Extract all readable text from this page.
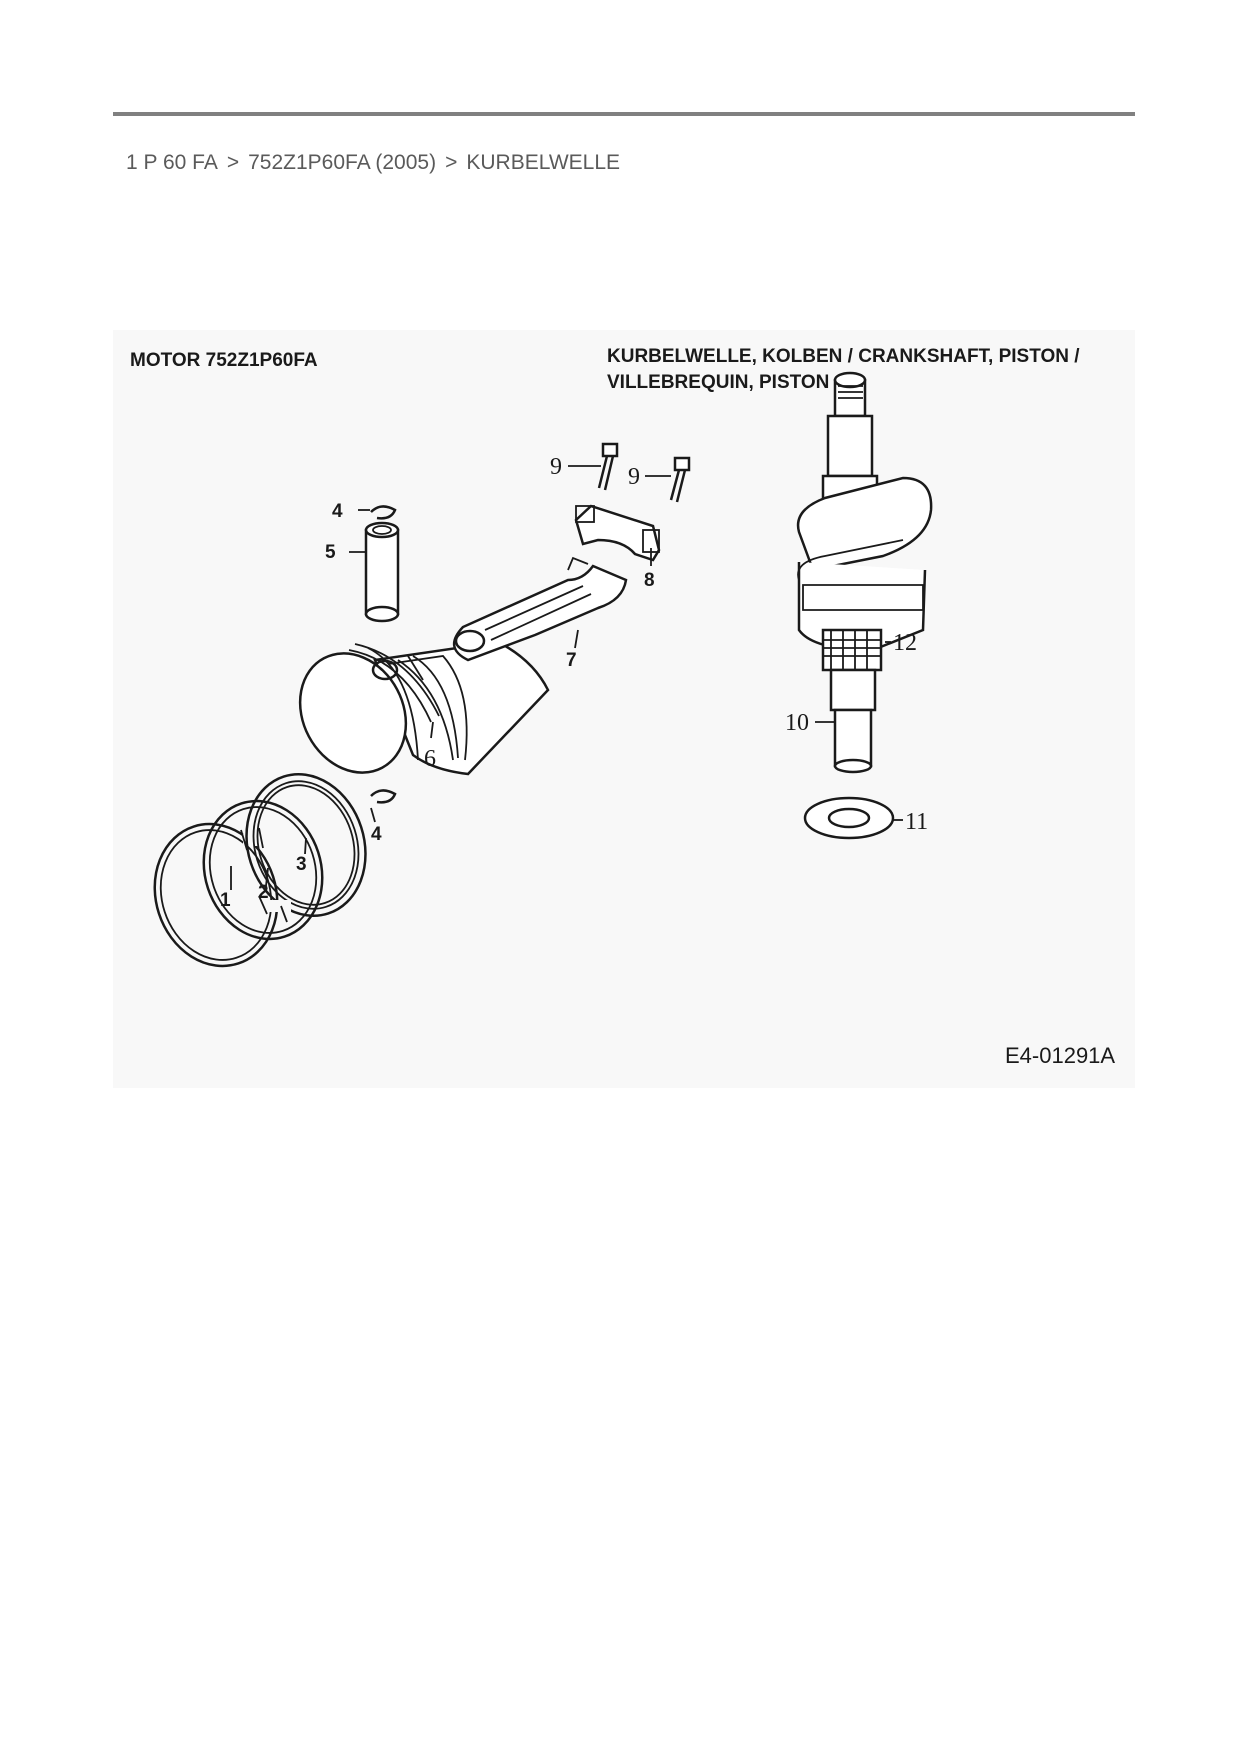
1 P 60 FA > 752Z1P60FA (2005) > KURBELWELLE
MOTOR 752Z1P60FA	KURBELWELLE, KOLBEN / CRANKSHAFT, PISTON /
VILLEBREQUIN, PISTON
1 2
3
4
4
5
6
7
8
9	9
10
11
12
E4-01291A
